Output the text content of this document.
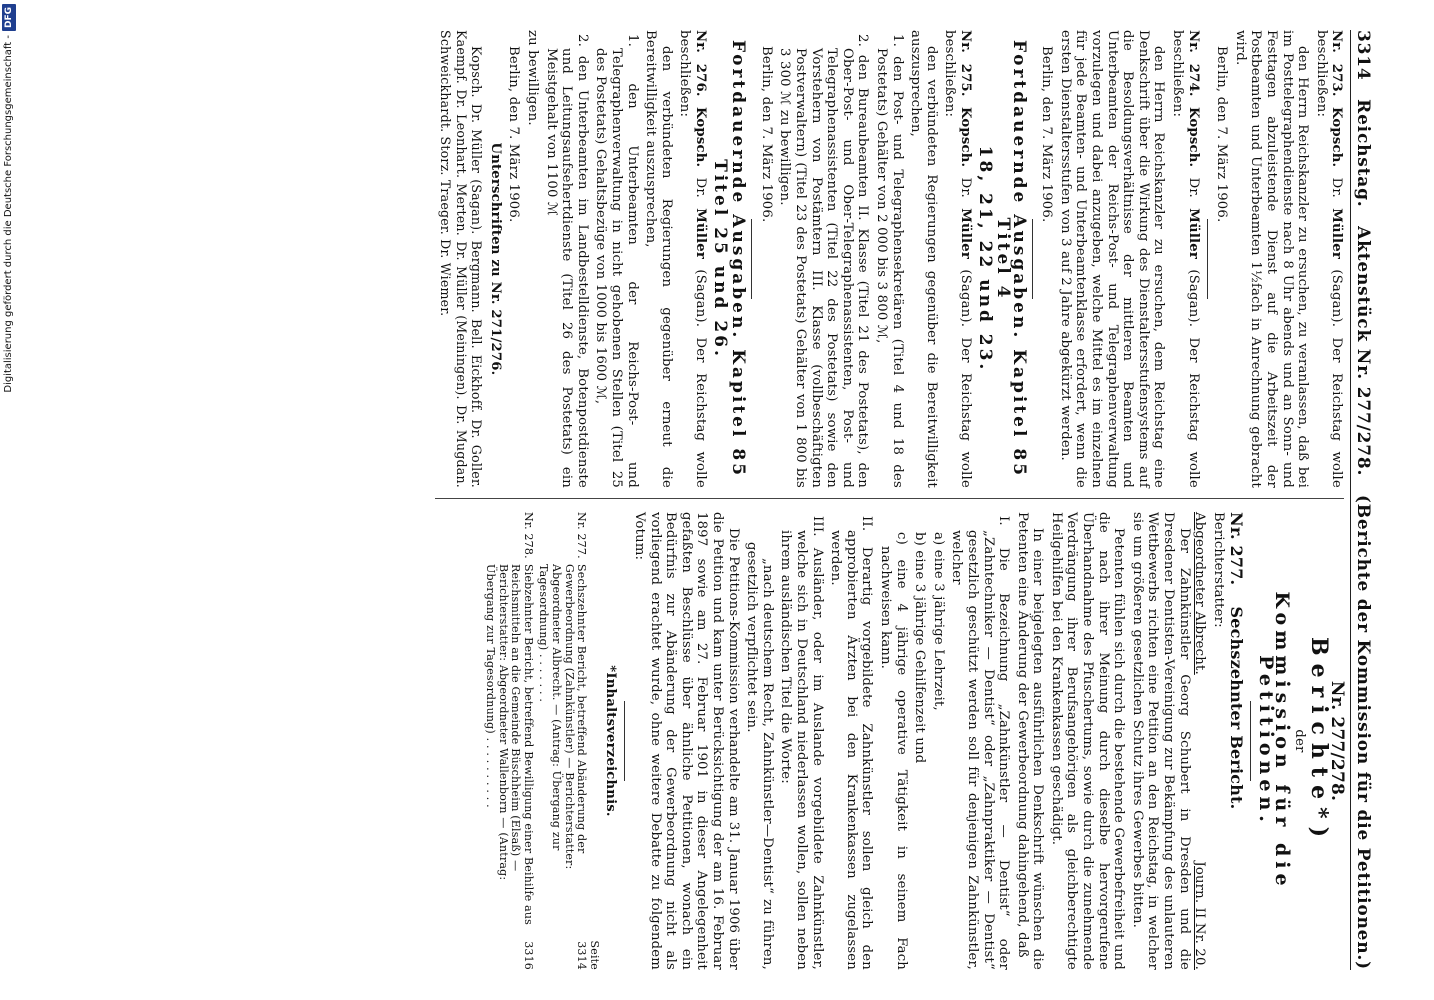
3314
Reichstag.
Aktenstück Nr. 277/278.
(Berichte der Kommission für die Petitionen.)

Nr. 273. Kopsch. Dr. Müller (Sagan). Der Reichstag wolle beschließen:

den Herrn Reichskanzler zu ersuchen, zu veranlassen, daß bei im Posttelegraphendienste nach 8 Uhr abends und an Sonn- und Festtagen abzuleistende Dienst auf die Arbeitszeit der Postbeamten und Unterbeamten 1½fach in Anrechnung gebracht wird.

Berlin, den 7. März 1906.

Nr. 274. Kopsch. Dr. Müller (Sagan). Der Reichstag wolle beschließen:

den Herrn Reichskanzler zu ersuchen, dem Reichstag eine Denkschrift über die Wirkung des Dienstaltersstufensystems auf die Besoldungsverhältnisse der mittleren Beamten und Unterbeamten der Reichs-Post- und Telegraphenverwaltung vorzulegen und dabei anzugeben, welche Mittel es im einzelnen für jede Beamten- und Unterbeamtenklasse erfordert, wenn die ersten Dienstaltersstufen von 3 auf 2 Jahre abgekürzt werden.

Berlin, den 7. März 1906.

Fortdauernde Ausgaben. Kapitel 85 Titel 4

18, 21, 22 und 23.

Nr. 275. Kopsch. Dr. Müller (Sagan). Der Reichstag wolle beschließen:

den verbündeten Regierungen gegenüber die Bereitwilligkeit auszusprechen,

1. den Post- und Telegraphensekretären (Titel 4 und 18 des Postetats) Gehälter von 2 000 bis 3 800 ℳ,
2. den Bureaubeamten II. Klasse (Titel 21 des Postetats), den Ober-Post- und Ober-Telegraphenassistenten, Post- und Telegraphenassistenten (Titel 22 des Postetats) sowie den Vorstehern von Postämtern III. Klasse (vollbeschäftigten Postverwaltern) (Titel 23 des Postetats) Gehälter von 1 800 bis 3 300 ℳ zu bewilligen.

Berlin, den 7. März 1906.

Fortdauernde Ausgaben. Kapitel 85

Titel 25 und 26.

Nr. 276. Kopsch. Dr. Müller (Sagan). Der Reichstag wolle beschließen:

den verbündeten Regierungen gegenüber erneut die Bereitwilligkeit auszusprechen,

1. den Unterbeamten der Reichs-Post- und Telegraphenverwaltung in nicht gehobenen Stellen (Titel 25 des Postetats) Gehaltsbezüge von 1000 bis 1600 ℳ,
2. den Unterbeamten im Landbestelldienste, Botenpostdienste und Leitungsaufsehertdienste (Titel 26 des Postetats) ein Meistgehalt von 1100 ℳ

zu bewilligen.

Berlin, den 7. März 1906.

Unterschriften zu Nr. 271/276.

Kopsch. Dr. Müller (Sagan). Bergmann. Bell. Eickhoff. Dr. Goller. Kaempf. Dr. Leonhart. Merten. Dr. Müller (Meiningen). Dr. Mugdan. Schweickhardt. Storz. Traeger. Dr. Wiemer.

Nr. 277/278.

Berichte*)

der

Kommission für die Petitionen.

Nr. 277.    Sechszehnter Bericht.

Berichterstatter:

Abgeordneter Albrecht.
Journ. II Nr. 20.

Der Zahnkünstler Georg Schubert in Dresden und die Dresdener Dentisten-Vereinigung zur Bekämpfung des unlauteren Wettbewerbs richten eine Petition an den Reichstag, in welcher sie um größeren gesetzlichen Schutz ihres Gewerbes bitten.

Petenten fühlen sich durch die bestehende Gewerbefreiheit und die nach ihrer Meinung durch dieselbe hervorgerufene Überhandnahme des Pfuschertums, sowie durch die zunehmende Verdrängung ihrer Berufsangehörigen als gleichberechtigte Heilgehilfen bei den Krankenkassen geschädigt.

In einer beigelegten ausführlichen Denkschrift wünschen die Petenten eine Änderung der Gewerbeordnung dahingehend, daß

I. Die Bezeichnung „Zahnkünstler — Dentist“ oder „Zahntechniker — Dentist“ oder „Zahnpraktiker — Dentist“ gesetzlich geschützt werden soll für denjenigen Zahnkünstler, welcher
a) eine 3 jährige Lehrzeit,
b) eine 3 jährige Gehilfenzeit und
c) eine 4 jährige operative Tätigkeit in seinem Fach nachweisen kann.
II. Derartig vorgebildete Zahnkünstler sollen gleich den approbierten Ärzten bei den Krankenkassen zugelassen werden.
III. Ausländer, oder im Auslande vorgebildete Zahnkünstler, welche sich in Deutschland niederlassen wollen, sollen neben ihrem ausländischen Titel die Worte:

„nach deutschem Recht, Zahnkünstler—Dentist“ zu führen, gesetzlich verpflichtet sein.

Die Petitions-Kommission verhandelte am 31. Januar 1906 über die Petition und kam unter Berücksichtigung der am 16. Februar 1897 sowie am 27. Februar 1901 in dieser Angelegenheit gefaßten Beschlüsse über ähnliche Petitionen, wonach ein Bedürfnis zur Abänderung der Gewerbeordnung nicht als vorliegend erachtet wurde, ohne weitere Debatte zu folgendem Votum:

*Inhaltsverzeichnis.

Seite
Nr. 277.
Sechszehnter Bericht, betreffend Abänderung der Gewerbeordnung (Zahnkünstler) — Berichterstatter: Abgeordneter Albrecht. — (Antrag: Übergang zur Tagesordnung) . . . . . . .
3314
Nr. 278.
Siebzehnter Bericht, betreffend Bewilligung einer Beihilfe aus Reichsmitteln an die Gemeinde Büschheim (Elsaß) — Berichterstatter: Abgeordneter Wallenborn — (Antrag: Übergang zur Tagesordnung) . . . . . . . . . .
3316
Digitalisierung gefördert durch die Deutsche Forschungsgemeinschaft -
DFG
